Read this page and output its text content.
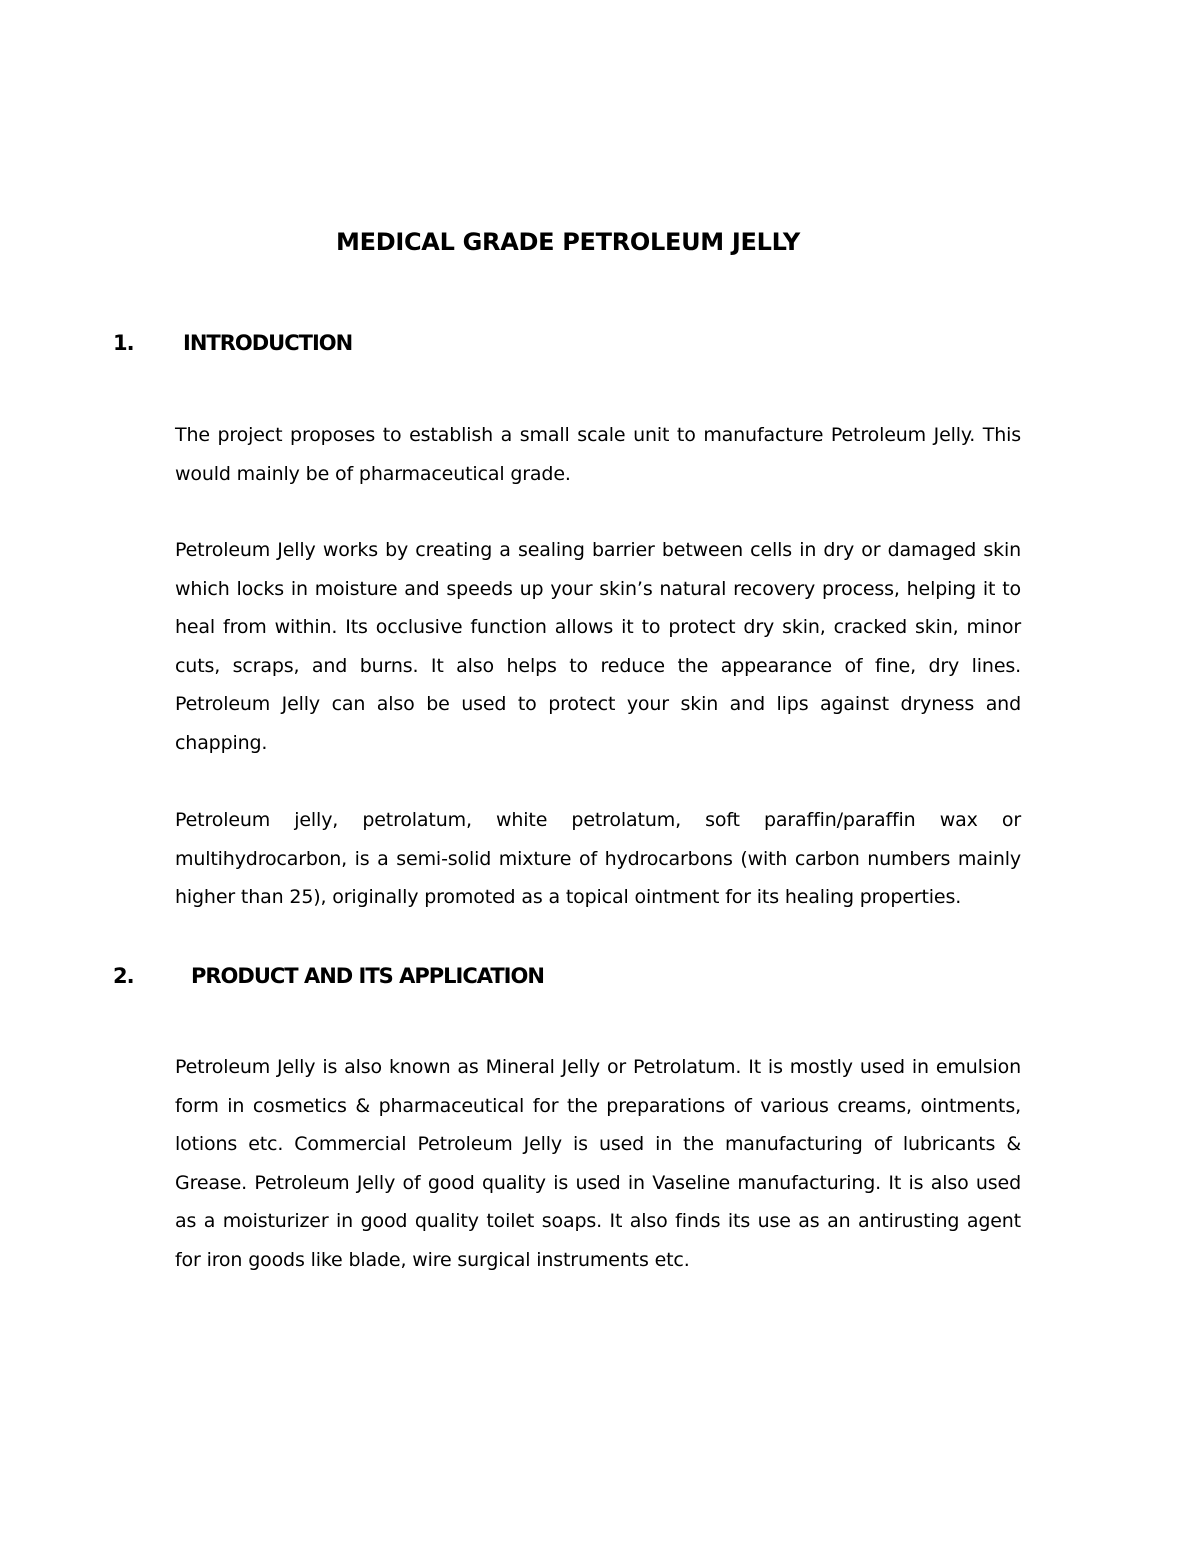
MEDICAL GRADE PETROLEUM JELLY
1. INTRODUCTION

The project proposes to establish a small scale unit to manufacture Petroleum Jelly. This would mainly be of pharmaceutical grade.

Petroleum Jelly works by creating a sealing barrier between cells in dry or damaged skin which locks in moisture and speeds up your skin’s natural recovery process, helping it to heal from within. Its occlusive function allows it to protect dry skin, cracked skin, minor cuts, scraps, and burns. It also helps to reduce the appearance of fine, dry lines. Petroleum Jelly can also be used to protect your skin and lips against dryness and chapping.

Petroleum jelly, petrolatum, white petrolatum, soft paraffin/paraffin wax or multihydrocarbon, is a semi-solid mixture of hydrocarbons (with carbon numbers mainly higher than 25), originally promoted as a topical ointment for its healing properties.

2.	PRODUCT AND ITS APPLICATION

Petroleum Jelly is also known as Mineral Jelly or Petrolatum. It is mostly used in emulsion form in cosmetics & pharmaceutical for the preparations of various creams, ointments, lotions etc. Commercial Petroleum Jelly is used in the manufacturing of lubricants & Grease. Petroleum Jelly of good quality is used in Vaseline manufacturing. It is also used as a moisturizer in good quality toilet soaps. It also finds its use as an antirusting agent for iron goods like blade, wire surgical instruments etc.
